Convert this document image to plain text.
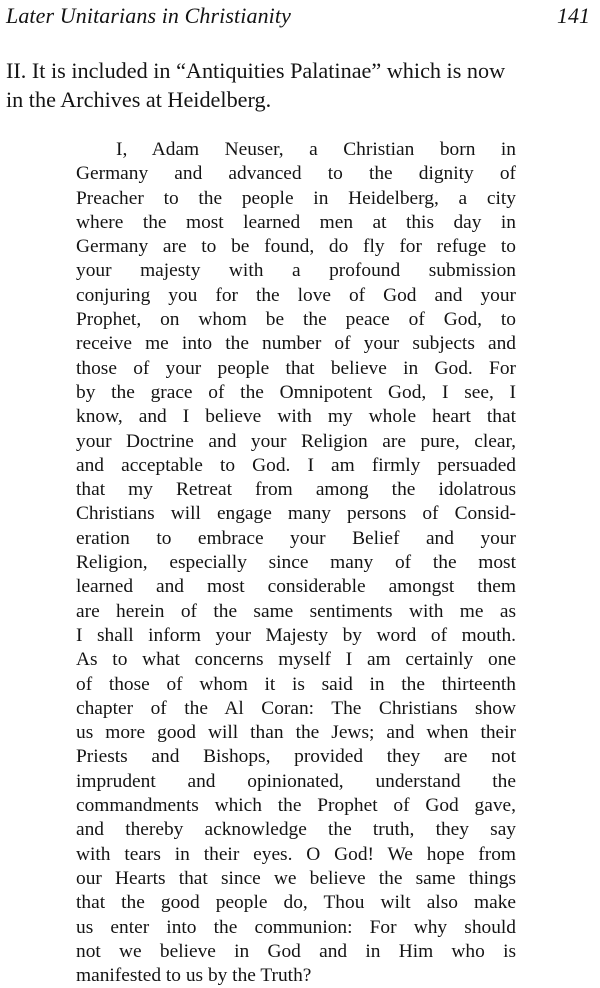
Later Unitarians in Christianity	141
II. It is included in “Antiquities Palatinae” which is now
in the Archives at Heidelberg.
I, Adam Neuser, a Christian born in
Germany and advanced to the dignity of
Preacher to the people in Heidelberg, a city
where the most learned men at this day in
Germany are to be found, do fly for refuge to
your majesty with a profound submission
conjuring you for the love of God and your
Prophet, on whom be the peace of God, to
receive me into the number of your subjects and
those of your people that believe in God. For
by the grace of the Omnipotent God, I see, I
know, and I believe with my whole heart that
your Doctrine and your Religion are pure, clear,
and acceptable to God. I am firmly persuaded
that my Retreat from among the idolatrous
Christians will engage many persons of Consid-
eration to embrace your Belief and your
Religion, especially since many of the most
learned and most considerable amongst them
are herein of the same sentiments with me as
I shall inform your Majesty by word of mouth.
As to what concerns myself I am certainly one
of those of whom it is said in the thirteenth
chapter of the Al Coran: The Christians show
us more good will than the Jews; and when their
Priests and Bishops, provided they are not
imprudent and opinionated, understand the
commandments which the Prophet of God gave,
and thereby acknowledge the truth, they say
with tears in their eyes. O God! We hope from
our Hearts that since we believe the same things
that the good people do, Thou wilt also make
us enter into the communion: For why should
not we believe in God and in Him who is
manifested to us by the Truth?
